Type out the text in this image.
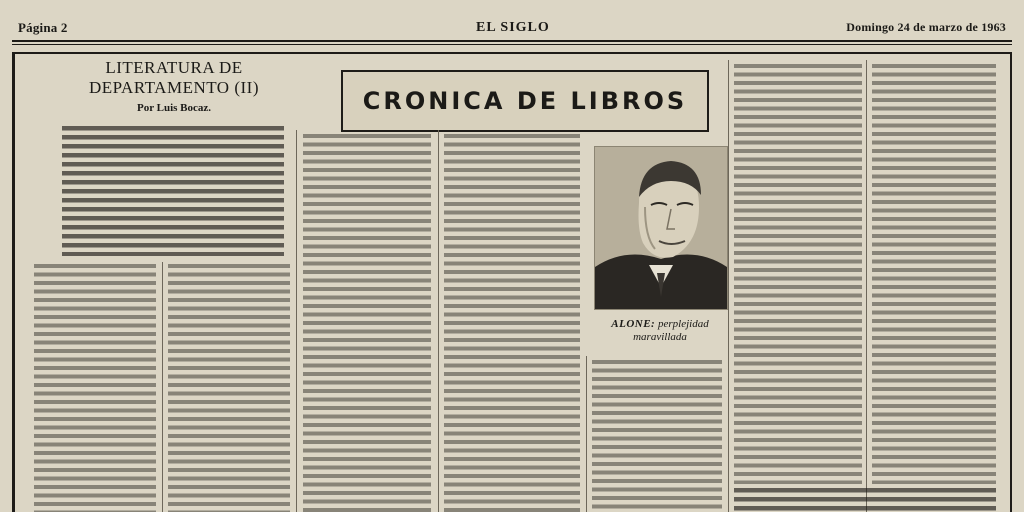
Página 2	EL SIGLO	Domingo 24 de marzo de 1963
LITERATURA DE
DEPARTAMENTO (II)
Por Luis Bocaz.	CRONICA DE LIBROS
ALONE: perplejidad maravillada
